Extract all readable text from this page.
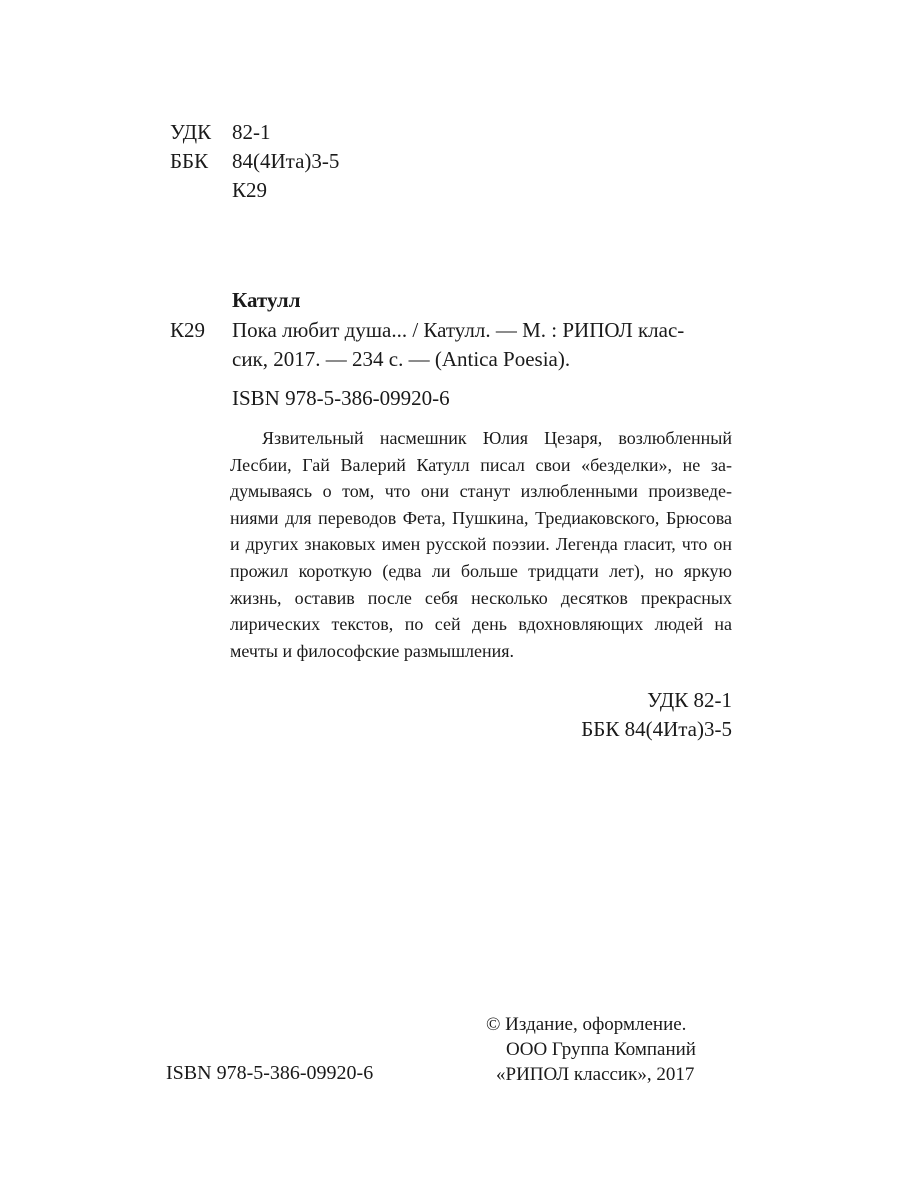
УДК 82-1
ББК 84(4Ита)3-5
К29
Катулл
К29 Пока любит душа... / Катулл. — М. : РИПОЛ клас-
сик, 2017. — 234 с. — (Antica Poesia).
ISBN 978-5-386-09920-6

Язвительный насмешник Юлия Цезаря, возлюбленный Лесбии, Гай Валерий Катулл писал свои «безделки», не задумываясь о том, что они станут излюбленными произведениями для переводов Фета, Пушкина, Тредиаковского, Брюсова и других знаковых имен русской поэзии. Легенда гласит, что он прожил короткую (едва ли больше тридцати лет), но яркую жизнь, оставив после себя несколько десятков прекрасных лирических текстов, по сей день вдохновляющих людей на мечты и философские размышления.

УДК 82-1
ББК 84(4Ита)3-5
ISBN 978-5-386-09920-6
© Издание, оформление.
ООО Группа Компаний
«РИПОЛ классик», 2017
